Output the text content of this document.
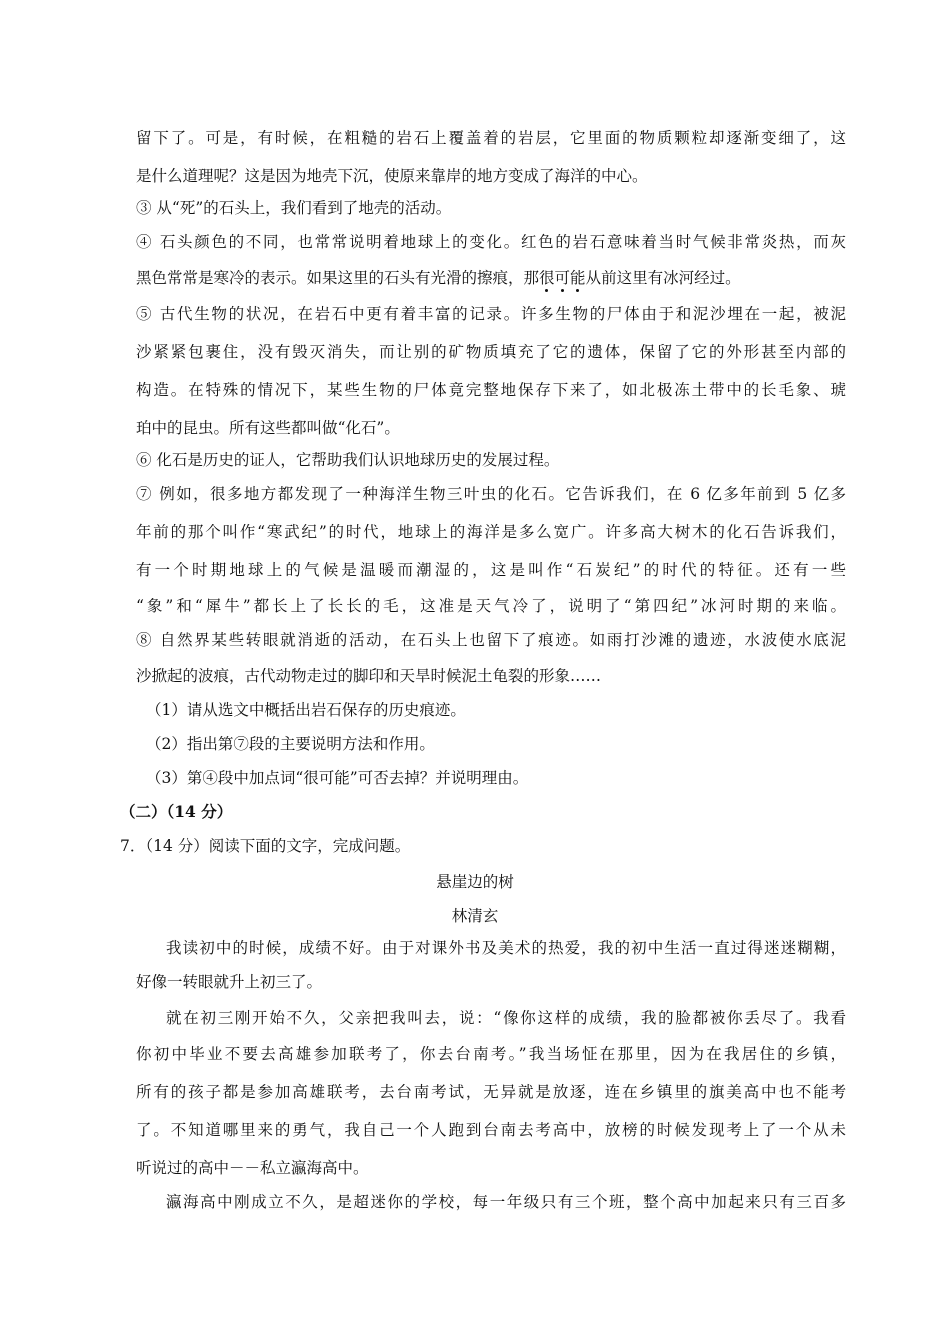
留下了。可是，有时候，在粗糙的岩石上覆盖着的岩层，它里面的物质颗粒却逐渐变细了，这
是什么道理呢？这是因为地壳下沉，使原来靠岸的地方变成了海洋的中心。
③ 从“死”的石头上，我们看到了地壳的活动。
④ 石头颜色的不同，也常常说明着地球上的变化。红色的岩石意味着当时气候非常炎热，而灰
黑色常常是寒冷的表示。如果这里的石头有光滑的擦痕，那很可能从前这里有冰河经过。
⑤ 古代生物的状况，在岩石中更有着丰富的记录。许多生物的尸体由于和泥沙埋在一起，被泥
沙紧紧包裹住，没有毁灭消失，而让别的矿物质填充了它的遗体，保留了它的外形甚至内部的
构造。在特殊的情况下，某些生物的尸体竟完整地保存下来了，如北极冻土带中的长毛象、琥
珀中的昆虫。所有这些都叫做“化石”。
⑥ 化石是历史的证人，它帮助我们认识地球历史的发展过程。
⑦ 例如，很多地方都发现了一种海洋生物三叶虫的化石。它告诉我们，在 6 亿多年前到 5 亿多
年前的那个叫作“寒武纪”的时代，地球上的海洋是多么宽广。许多高大树木的化石告诉我们，
有一个时期地球上的气候是温暖而潮湿的，这是叫作“石炭纪”的时代的特征。还有一些
“象”和“犀牛”都长上了长长的毛，这准是天气冷了，说明了“第四纪”冰河时期的来临。
⑧ 自然界某些转眼就消逝的活动，在石头上也留下了痕迹。如雨打沙滩的遗迹，水波使水底泥
沙掀起的波痕，古代动物走过的脚印和天旱时候泥土龟裂的形象……
（1）请从选文中概括出岩石保存的历史痕迹。
（2）指出第⑦段的主要说明方法和作用。
（3）第④段中加点词“很可能”可否去掉？并说明理由。
（二）（14 分）
7．（14 分）阅读下面的文字，完成问题。
悬崖边的树
林清玄
我读初中的时候，成绩不好。由于对课外书及美术的热爱，我的初中生活一直过得迷迷糊糊，
好像一转眼就升上初三了。
就在初三刚开始不久，父亲把我叫去，说：“像你这样的成绩，我的脸都被你丢尽了。我看
你初中毕业不要去高雄参加联考了，你去台南考。”我当场怔在那里，因为在我居住的乡镇，
所有的孩子都是参加高雄联考，去台南考试，无异就是放逐，连在乡镇里的旗美高中也不能考
了。不知道哪里来的勇气，我自己一个人跑到台南去考高中，放榜的时候发现考上了一个从未
听说过的高中－－私立瀛海高中。
瀛海高中刚成立不久，是超迷你的学校，每一年级只有三个班，整个高中加起来只有三百多
